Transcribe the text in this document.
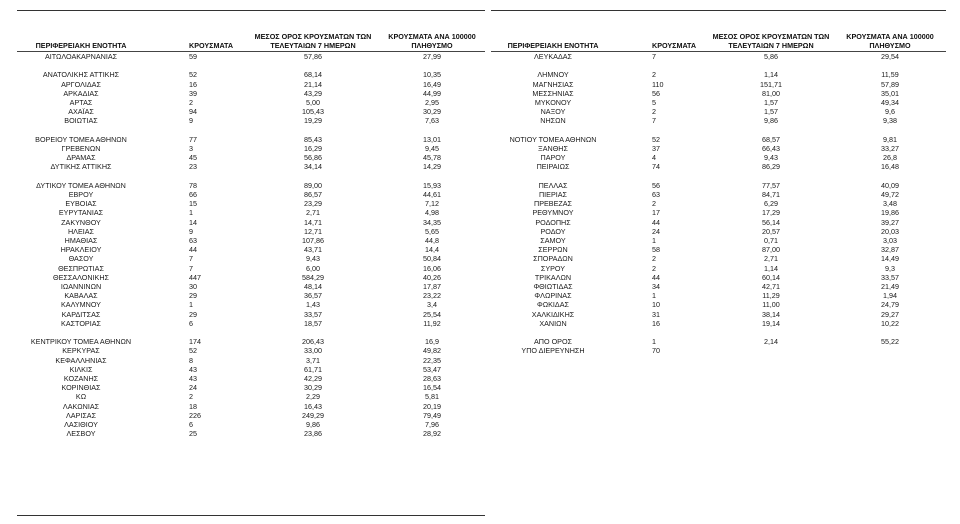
ΠΕΡΙΦΕΡΕΙΑΚΗ ΕΝΟΤΗΤΑ	ΚΡΟΥΣΜΑΤΑ
ΜΕΣΟΣ ΟΡΟΣ ΚΡΟΥΣΜΑΤΩΝ ΤΩΝ ΤΕΛΕΥΤΑΙΩΝ 7 ΗΜΕΡΩΝ
ΚΡΟΥΣΜΑΤΑ ΑΝΑ 100000 ΠΛΗΘΥΣΜΟ
ΑΙΤΩΛΟΑΚΑΡΝΑΝΙΑΣ	59	57,86	27,99
ΑΝΑΤΟΛΙΚΗΣ ΑΤΤΙΚΗΣ	52	68,14	10,35
ΑΡΓΟΛΙΔΑΣ	16	21,14	16,49
ΑΡΚΑΔΙΑΣ	39	43,29	44,99
ΑΡΤΑΣ	2	5,00	2,95
ΑΧΑΪΑΣ	94	105,43	30,29
ΒΟΙΩΤΙΑΣ	9	19,29	7,63
ΒΟΡΕΙΟΥ ΤΟΜΕΑ ΑΘΗΝΩΝ	77	85,43	13,01
ΓΡΕΒΕΝΩΝ	3	16,29	9,45
ΔΡΑΜΑΣ	45	56,86	45,78
ΔΥΤΙΚΗΣ ΑΤΤΙΚΗΣ	23	34,14	14,29
ΔΥΤΙΚΟΥ ΤΟΜΕΑ ΑΘΗΝΩΝ	78	89,00	15,93
ΕΒΡΟΥ	66	86,57	44,61
ΕΥΒΟΙΑΣ	15	23,29	7,12
ΕΥΡΥΤΑΝΙΑΣ	1	2,71	4,98
ΖΑΚΥΝΘΟΥ	14	14,71	34,35
ΗΛΕΙΑΣ	9	12,71	5,65
ΗΜΑΘΙΑΣ	63	107,86	44,8
ΗΡΑΚΛΕΙΟΥ	44	43,71	14,4
ΘΑΣΟΥ	7	9,43	50,84
ΘΕΣΠΡΩΤΙΑΣ	7	6,00	16,06
ΘΕΣΣΑΛΟΝΙΚΗΣ	447	584,29	40,26
ΙΩΑΝΝΙΝΩΝ	30	48,14	17,87
ΚΑΒΑΛΑΣ	29	36,57	23,22
ΚΑΛΥΜΝΟΥ	1	1,43	3,4
ΚΑΡΔΙΤΣΑΣ	29	33,57	25,54
ΚΑΣΤΟΡΙΑΣ	6	18,57	11,92
ΚΕΝΤΡΙΚΟΥ ΤΟΜΕΑ ΑΘΗΝΩΝ	174	206,43	16,9
ΚΕΡΚΥΡΑΣ	52	33,00	49,82
ΚΕΦΑΛΛΗΝΙΑΣ	8	3,71	22,35
ΚΙΛΚΙΣ	43	61,71	53,47
ΚΟΖΑΝΗΣ	43	42,29	28,63
ΚΟΡΙΝΘΙΑΣ	24	30,29	16,54
ΚΩ	2	2,29	5,81
ΛΑΚΩΝΙΑΣ	18	16,43	20,19
ΛΑΡΙΣΑΣ	226	249,29	79,49
ΛΑΣΙΘΙΟΥ	6	9,86	7,96
ΛΕΣΒΟΥ	25	23,86	28,92
ΠΕΡΙΦΕΡΕΙΑΚΗ ΕΝΟΤΗΤΑ	ΚΡΟΥΣΜΑΤΑ
ΜΕΣΟΣ ΟΡΟΣ ΚΡΟΥΣΜΑΤΩΝ ΤΩΝ ΤΕΛΕΥΤΑΙΩΝ 7 ΗΜΕΡΩΝ
ΚΡΟΥΣΜΑΤΑ ΑΝΑ 100000 ΠΛΗΘΥΣΜΟ
ΛΕΥΚΑΔΑΣ	7	5,86	29,54
ΛΗΜΝΟΥ	2	1,14	11,59
ΜΑΓΝΗΣΙΑΣ	110	151,71	57,89
ΜΕΣΣΗΝΙΑΣ	56	81,00	35,01
ΜΥΚΟΝΟΥ	5	1,57	49,34
ΝΑΞΟΥ	2	1,57	9,6
ΝΗΣΩΝ	7	9,86	9,38
ΝΟΤΙΟΥ ΤΟΜΕΑ ΑΘΗΝΩΝ	52	68,57	9,81
ΞΑΝΘΗΣ	37	66,43	33,27
ΠΑΡΟΥ	4	9,43	26,8
ΠΕΙΡΑΙΩΣ	74	86,29	16,48
ΠΕΛΛΑΣ	56	77,57	40,09
ΠΙΕΡΙΑΣ	63	84,71	49,72
ΠΡΕΒΕΖΑΣ	2	6,29	3,48
ΡΕΘΥΜΝΟΥ	17	17,29	19,86
ΡΟΔΟΠΗΣ	44	56,14	39,27
ΡΟΔΟΥ	24	20,57	20,03
ΣΑΜΟΥ	1	0,71	3,03
ΣΕΡΡΩΝ	58	87,00	32,87
ΣΠΟΡΑΔΩΝ	2	2,71	14,49
ΣΥΡΟΥ	2	1,14	9,3
ΤΡΙΚΑΛΩΝ	44	60,14	33,57
ΦΘΙΩΤΙΔΑΣ	34	42,71	21,49
ΦΛΩΡΙΝΑΣ	1	11,29	1,94
ΦΩΚΙΔΑΣ	10	11,00	24,79
ΧΑΛΚΙΔΙΚΗΣ	31	38,14	29,27
ΧΑΝΙΩΝ	16	19,14	10,22
ΑΠΟ ΟΡΟΣ	1	2,14	55,22
ΥΠΟ ΔΙΕΡΕΥΝΗΣΗ	70
